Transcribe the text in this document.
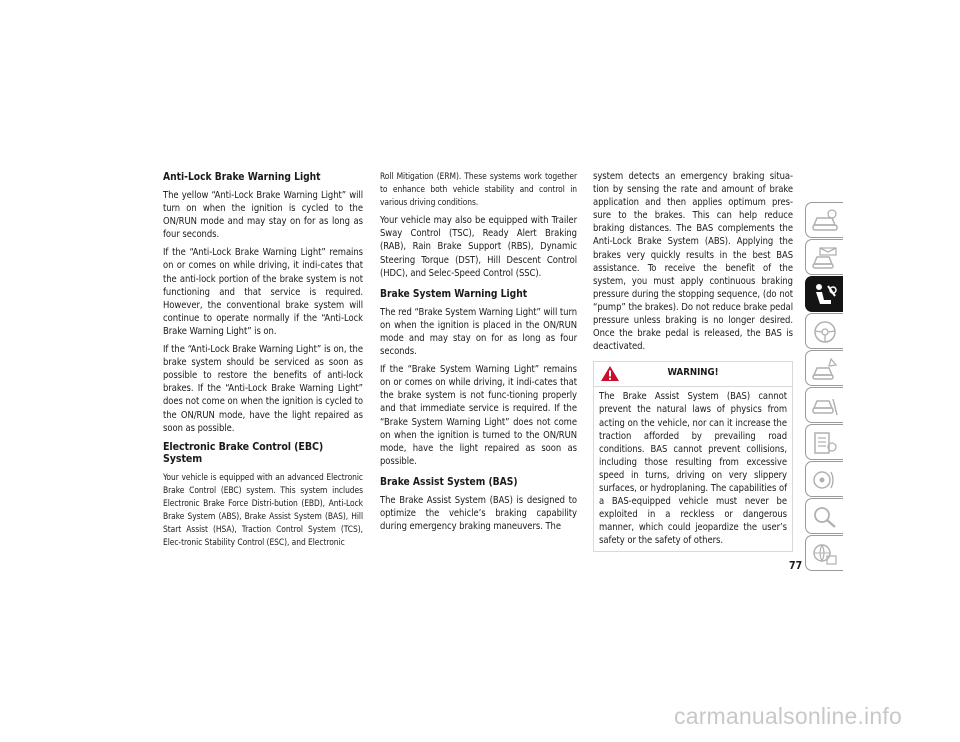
Anti-Lock Brake Warning Light
The yellow “Anti-Lock Brake Warning Light” will turn on when the ignition is cycled to the ON/RUN mode and may stay on for as long as four seconds.
If the “Anti-Lock Brake Warning Light” remains on or comes on while driving, it indi-cates that the anti-lock portion of the brake system is not functioning and that service is required. However, the conventional brake system will continue to operate normally if the “Anti-Lock Brake Warning Light” is on.
If the “Anti-Lock Brake Warning Light” is on, the brake system should be serviced as soon as possible to restore the benefits of anti-lock brakes. If the “Anti-Lock Brake Warning Light” does not come on when the ignition is cycled to the ON/RUN mode, have the light repaired as soon as possible.
Electronic Brake Control (EBC) System
Your vehicle is equipped with an advanced Electronic Brake Control (EBC) system. This system includes Electronic Brake Force Distri-bution (EBD), Anti-Lock Brake System (ABS), Brake Assist System (BAS), Hill Start Assist (HSA), Traction Control System (TCS), Elec-tronic Stability Control (ESC), and Electronic
Roll Mitigation (ERM). These systems work together to enhance both vehicle stability and control in various driving conditions.
Your vehicle may also be equipped with Trailer Sway Control (TSC), Ready Alert Braking (RAB), Rain Brake Support (RBS), Dynamic Steering Torque (DST), Hill Descent Control (HDC), and Selec-Speed Control (SSC).
Brake System Warning Light
The red “Brake System Warning Light” will turn on when the ignition is placed in the ON/RUN mode and may stay on for as long as four seconds.
If the “Brake System Warning Light” remains on or comes on while driving, it indi-cates that the brake system is not func-tioning properly and that immediate service is required. If the “Brake System Warning Light” does not come on when the ignition is turned to the ON/RUN mode, have the light repaired as soon as possible.
Brake Assist System (BAS)
The Brake Assist System (BAS) is designed to optimize the vehicle’s braking capability during emergency braking maneuvers. The
system detects an emergency braking situa-tion by sensing the rate and amount of brake application and then applies optimum pres-sure to the brakes. This can help reduce braking distances. The BAS complements the Anti-Lock Brake System (ABS). Applying the brakes very quickly results in the best BAS assistance. To receive the benefit of the system, you must apply continuous braking pressure during the stopping sequence, (do not “pump” the brakes). Do not reduce brake pedal pressure unless braking is no longer desired. Once the brake pedal is released, the BAS is deactivated.
WARNING!
The Brake Assist System (BAS) cannot prevent the natural laws of physics from acting on the vehicle, nor can it increase the traction afforded by prevailing road conditions. BAS cannot prevent collisions, including those resulting from excessive speed in turns, driving on very slippery surfaces, or hydroplaning. The capabilities of a BAS-equipped vehicle must never be exploited in a reckless or dangerous manner, which could jeopardize the user’s safety or the safety of others.
77
carmanualsonline.info
